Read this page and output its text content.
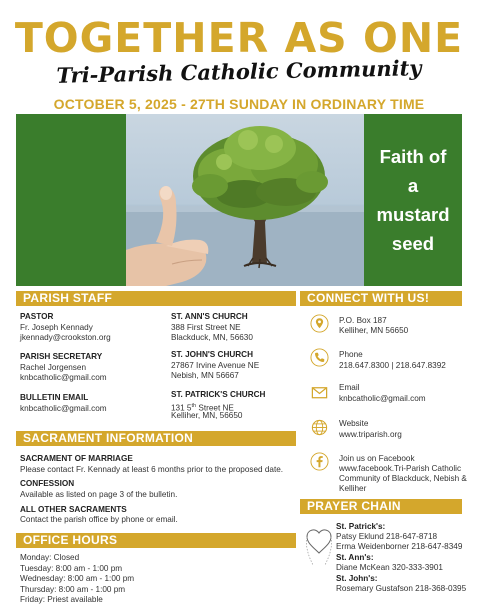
TOGETHER AS ONE
Tri-Parish Catholic Community
OCTOBER 5, 2025 - 27TH SUNDAY IN ORDINARY TIME
Faith of
a
mustard
seed
PARISH STAFF
PASTOR
Fr. Joseph Kennady
jkennady@crookston.org
PARISH SECRETARY
Rachel Jorgensen
knbcatholic@gmail.com
BULLETIN EMAIL
knbcatholic@gmail.com
ST. ANN'S CHURCH
388 First Street NE
Blackduck, MN, 56630
ST. JOHN'S CHURCH
27867 Irvine Avenue NE
Nebish, MN 56667
ST. PATRICK'S CHURCH
131 5th Street NE
Kelliher, MN, 56650
SACRAMENT INFORMATION
SACRAMENT OF MARRIAGE
Please contact Fr. Kennady at least 6 months prior to the proposed date.
CONFESSION
Available as listed on page 3 of the bulletin.
ALL OTHER SACRAMENTS
Contact the parish office by phone or email.
OFFICE HOURS
Monday: Closed
Tuesday: 8:00 am - 1:00 pm
Wednesday: 8:00 am - 1:00 pm
Thursday: 8:00 am - 1:00 pm
Friday: Priest available
CONNECT WITH US!
P.O. Box 187
Kelliher, MN 56650
Phone
218.647.8300 | 218.647.8392
Email
knbcatholic@gmail.com
Website
www.triparish.org
Join us on Facebook
www.facebook.Tri-Parish Catholic
Community of Blackduck, Nebish &
Kelliher
PRAYER CHAIN
St. Patrick's:
Patsy Eklund 218-647-8718
Erma Weidenborner 218-647-8349
St. Ann's:
Diane McKean 320-333-3901
St. John's:
Rosemary Gustafson 218-368-0395
